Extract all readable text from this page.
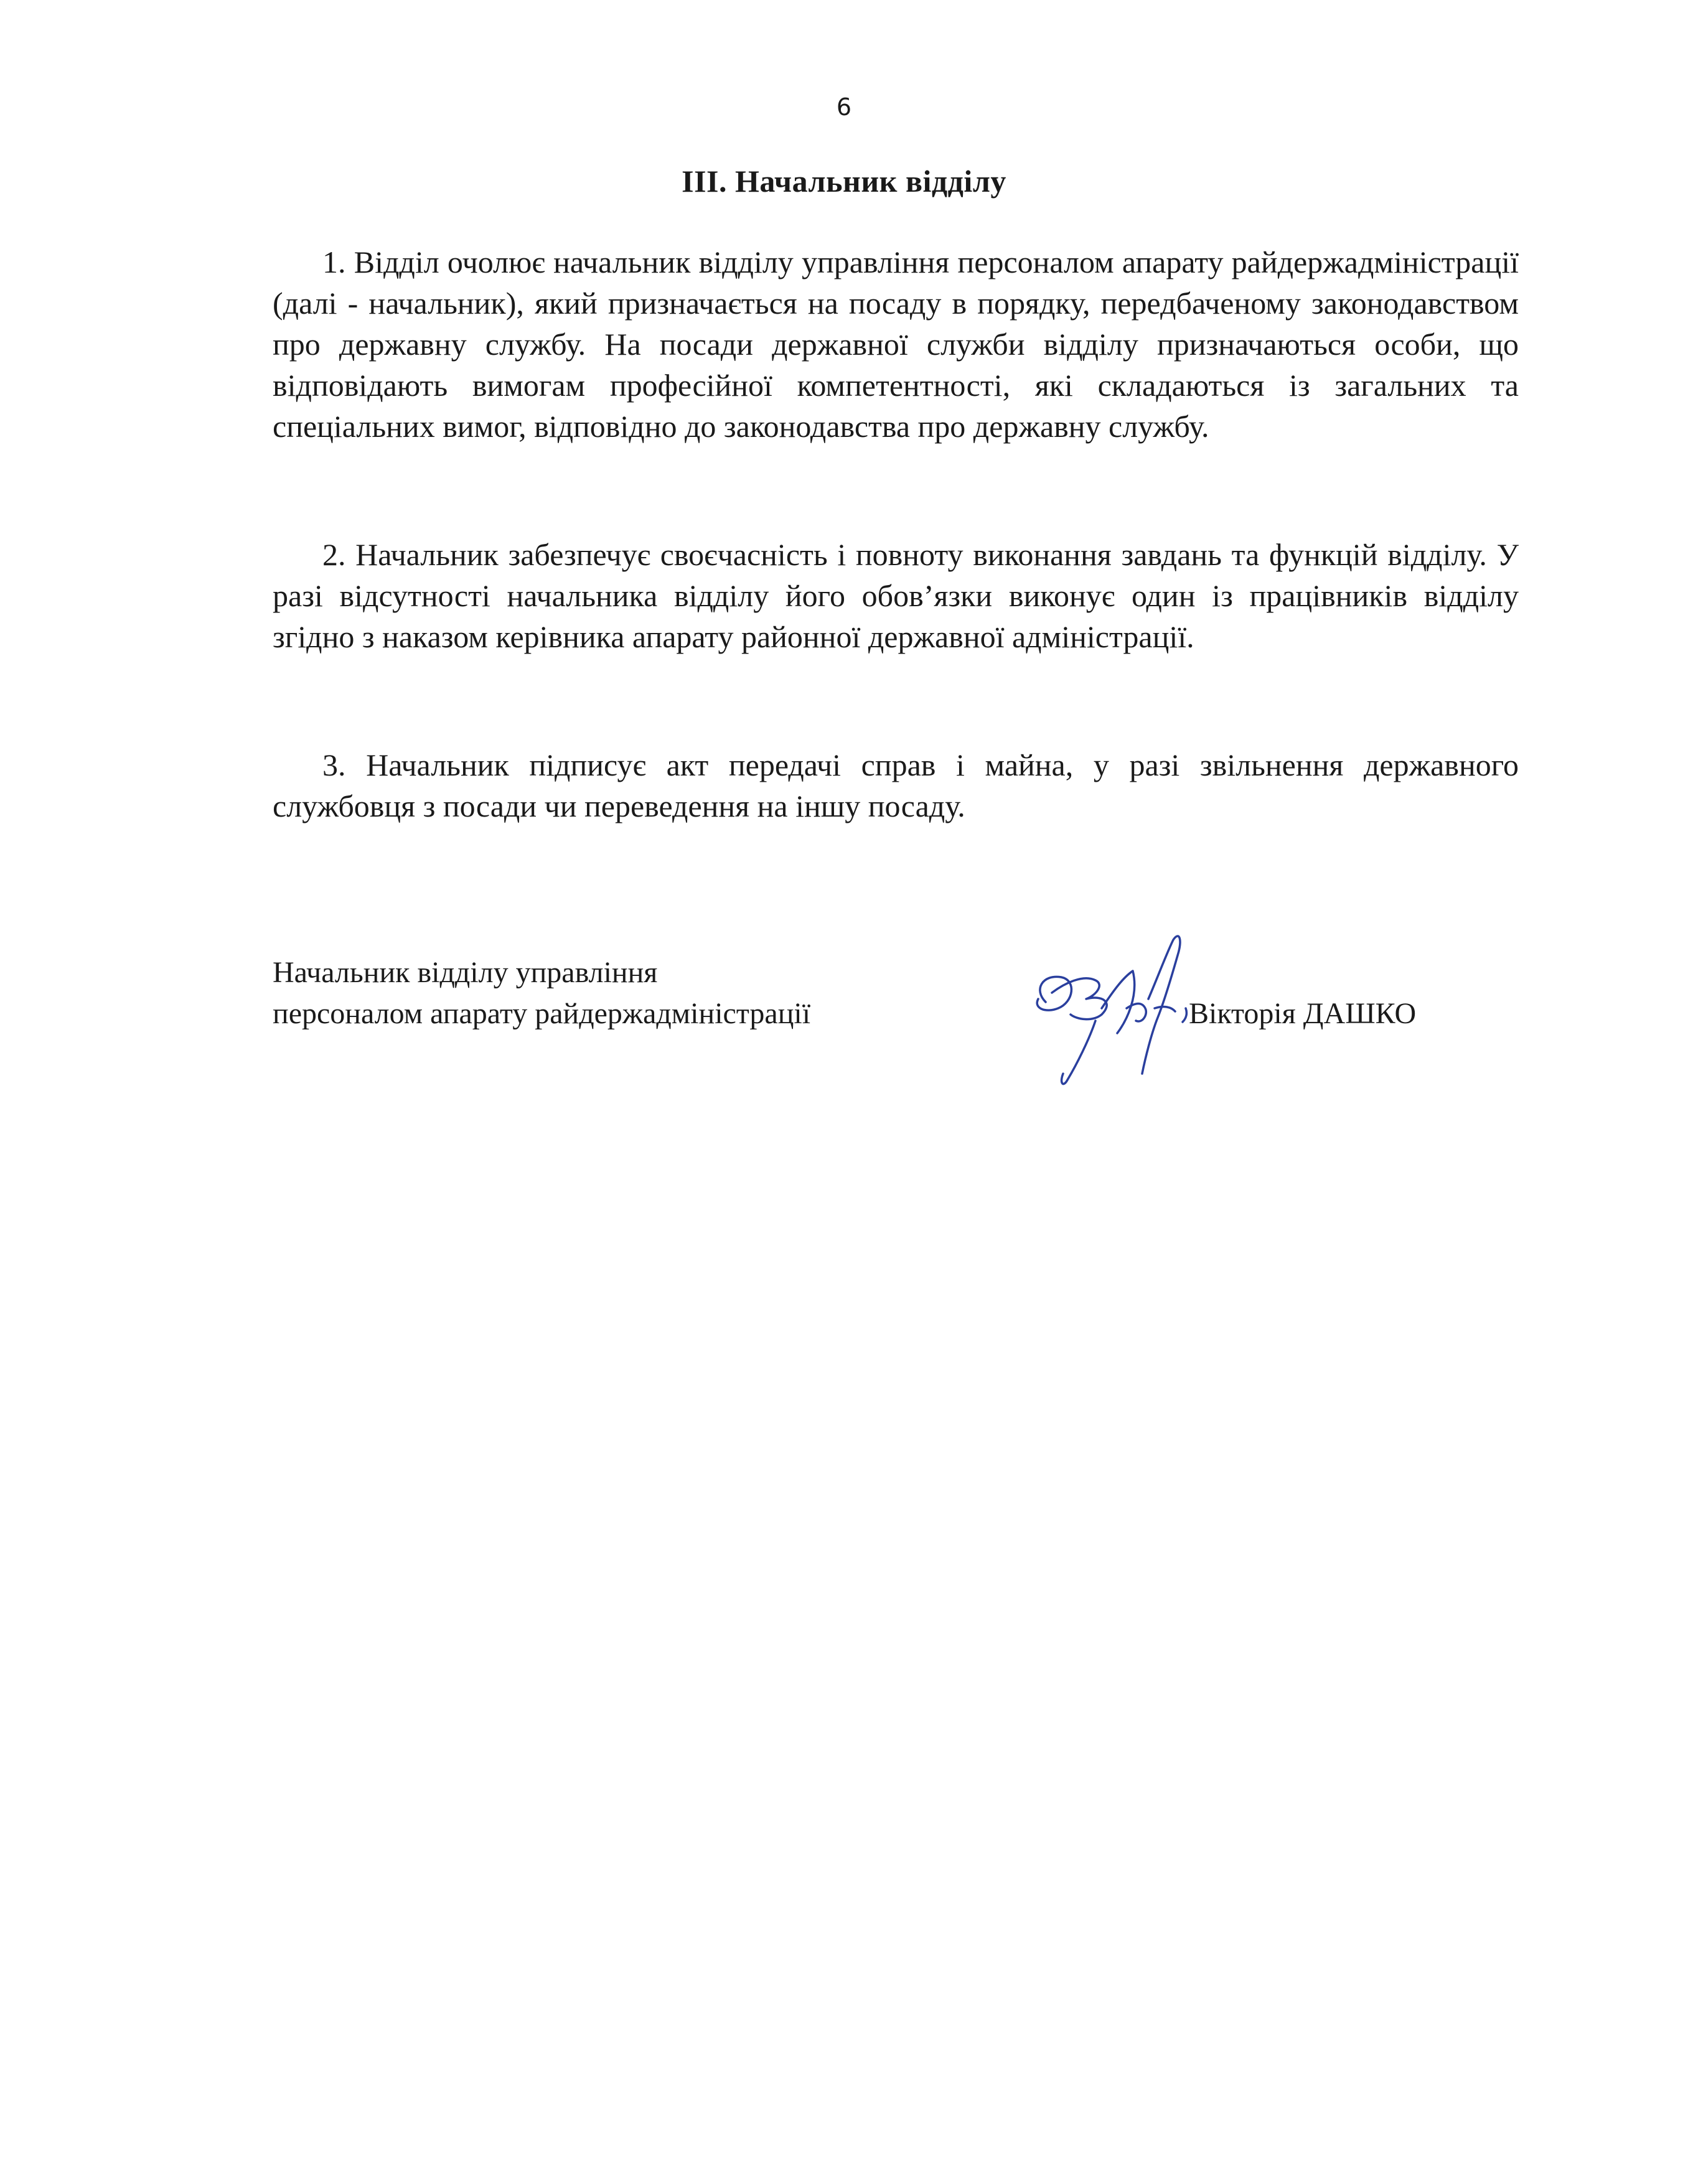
6
ІІІ. Начальник відділу

1. Відділ очолює начальник відділу управління персоналом апарату райдержадміністрації (далі - начальник), який призначається на посаду в порядку, передбаченому законодавством про державну службу. На посади державної служби відділу призначаються особи, що відповідають вимогам професійної компетентності, які складаються із загальних та спеціальних вимог, відповідно до законодавства про державну службу.

2. Начальник забезпечує своєчасність і повноту виконання завдань та функцій відділу. У разі відсутності начальника відділу його обов’язки виконує один із працівників відділу згідно з наказом керівника апарату районної державної адміністрації.

3. Начальник підписує акт передачі справ і майна, у разі звільнення державного службовця з посади чи переведення на іншу посаду.

Начальник відділу управління
персоналом апарату райдержадміністрації	Вікторія ДАШКО
